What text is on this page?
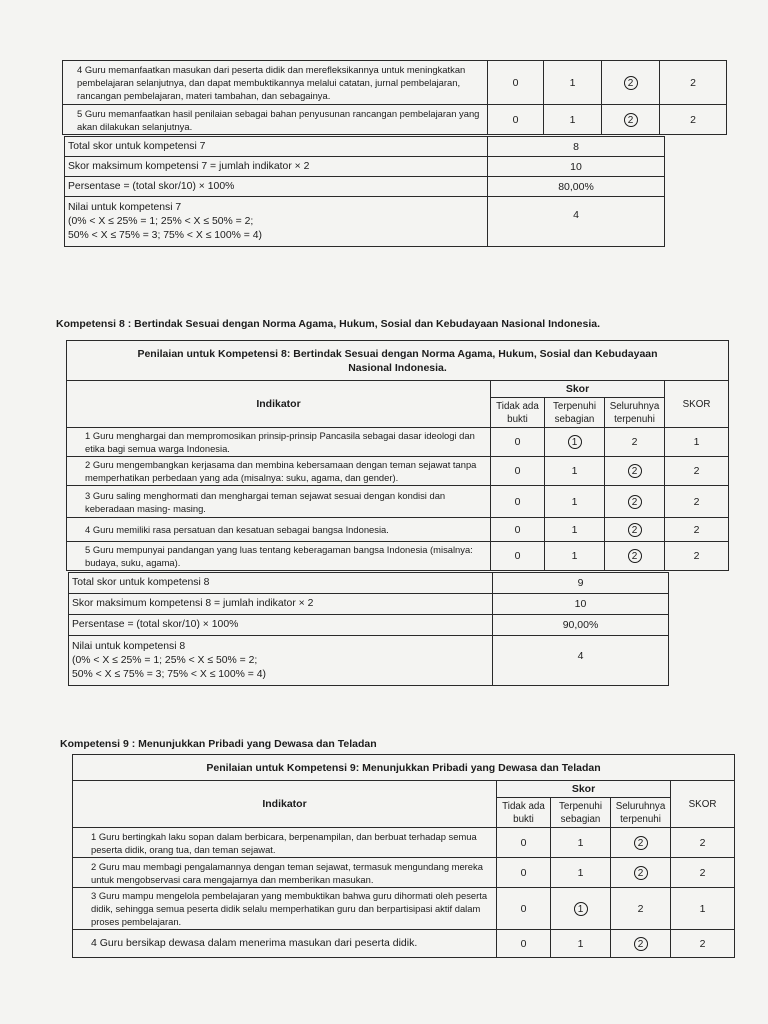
4 Guru memanfaatkan masukan dari peserta didik dan merefleksikannya untuk meningkatkan pembelajaran selanjutnya, dan dapat membuktikannya melalui catatan, jurnal pembelajaran, rancangan pembelajaran, materi tambahan, dan sebagainya.	0	1	2	2
5 Guru memanfaatkan hasil penilaian sebagai bahan penyusunan rancangan pembelajaran yang akan dilakukan selanjutnya.	0	1	2	2
Total skor untuk kompetensi 7	8
Skor maksimum kompetensi 7 = jumlah indikator × 2	10
Persentase = (total skor/10) × 100%	80,00%

Nilai untuk kompetensi 7
(0% < X ≤ 25% = 1; 25% < X ≤ 50% = 2;
50% < X ≤ 75% = 3; 75% < X ≤ 100% = 4)	4
Kompetensi 8 : Bertindak Sesuai dengan Norma Agama, Hukum, Sosial dan Kebudayaan Nasional Indonesia.
Penilaian untuk Kompetensi 8: Bertindak Sesuai dengan Norma Agama, Hukum, Sosial dan Kebudayaan Nasional Indonesia.				
Indikator	Skor			SKOR
	Tidak ada bukti	Terpenuhi sebagian	Seluruhnya terpenuhi	
1 Guru menghargai dan mempromosikan prinsip-prinsip Pancasila sebagai dasar ideologi dan etika bagi semua warga Indonesia.	0	1	2	1
2 Guru mengembangkan kerjasama dan membina kebersamaan dengan teman sejawat tanpa memperhatikan perbedaan yang ada (misalnya: suku, agama, dan gender).	0	1	2	2
3 Guru saling menghormati dan menghargai teman sejawat sesuai dengan kondisi dan keberadaan masing- masing.	0	1	2	2
4 Guru memiliki rasa persatuan dan kesatuan sebagai bangsa Indonesia.	0	1	2	2
5 Guru mempunyai pandangan yang luas tentang keberagaman bangsa Indonesia (misalnya: budaya, suku, agama).	0	1	2	2
Total skor untuk kompetensi 8	9
Skor maksimum kompetensi 8 = jumlah indikator × 2	10
Persentase = (total skor/10) × 100%	90,00%

Nilai untuk kompetensi 8
(0% < X ≤ 25% = 1; 25% < X ≤ 50% = 2;
50% < X ≤ 75% = 3; 75% < X ≤ 100% = 4)	4
Kompetensi 9 : Menunjukkan Pribadi yang Dewasa dan Teladan
Penilaian untuk Kompetensi 9: Menunjukkan Pribadi yang Dewasa dan Teladan				
Indikator	Skor			SKOR
	Tidak ada bukti	Terpenuhi sebagian	Seluruhnya terpenuhi	
1 Guru bertingkah laku sopan dalam berbicara, berpenampilan, dan berbuat terhadap semua peserta didik, orang tua, dan teman sejawat.	0	1	2	2
2 Guru mau membagi pengalamannya dengan teman sejawat, termasuk mengundang mereka untuk mengobservasi cara mengajarnya dan memberikan masukan.	0	1	2	2
3 Guru mampu mengelola pembelajaran yang membuktikan bahwa guru dihormati oleh peserta didik, sehingga semua peserta didik selalu memperhatikan guru dan berpartisipasi aktif dalam proses pembelajaran.	0	1	2	1
4 Guru bersikap dewasa dalam menerima masukan dari peserta didik.	0	1	2	2
